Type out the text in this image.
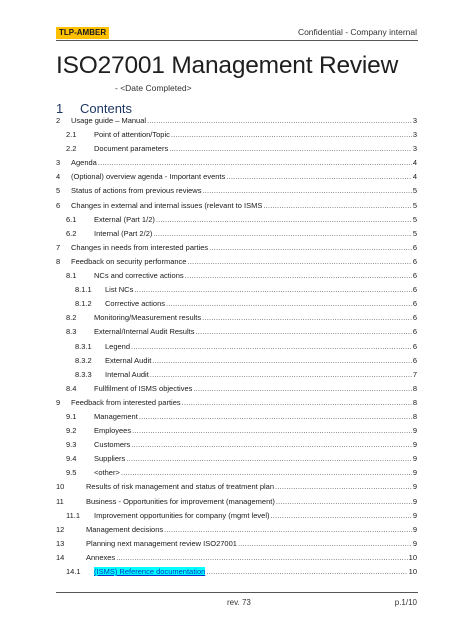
TLP-AMBER	Confidential - Company internal
ISO27001 Management Review
- <Date Completed>
1 Contents
2	Usage guide – Manual .....	3
2.1	Point of attention/Topic .....	3
2.2	Document parameters .....	3
3	Agenda .....	4
4	(Optional) overview agenda - Important events .....	4
5	Status of actions from previous reviews .....	5
6	Changes in external and internal issues (relevant to ISMS .....	5
6.1	External (Part 1/2) .....	5
6.2	Internal (Part 2/2) .....	5
7	Changes in needs from interested parties .....	6
8	Feedback on security performance .....	6
8.1	NCs and corrective actions .....	6
8.1.1	List NCs .....	6
8.1.2	Corrective actions .....	6
8.2	Monitoring/Measurement results .....	6
8.3	External/Internal Audit Results .....	6
8.3.1	Legend .....	6
8.3.2	External Audit .....	6
8.3.3	Internal Audit .....	7
8.4	Fullfilment of ISMS objectives .....	8
9	Feedback from interested parties .....	8
9.1	Management .....	8
9.2	Employees .....	9
9.3	Customers .....	9
9.4	Suppliers .....	9
9.5	<other> .....	9
10	Results of risk management and status of treatment plan .....	9
11	Business - Opportunities for improvement (management) .....	9
11.1	Improvement opportunities for company (mgmt level) .....	9
12	Management decisions .....	9
13	Planning next management review ISO27001 .....	9
14	Annexes .....	10
14.1	(ISMS) Reference documentation .....	10
rev. 73	p.1/10
